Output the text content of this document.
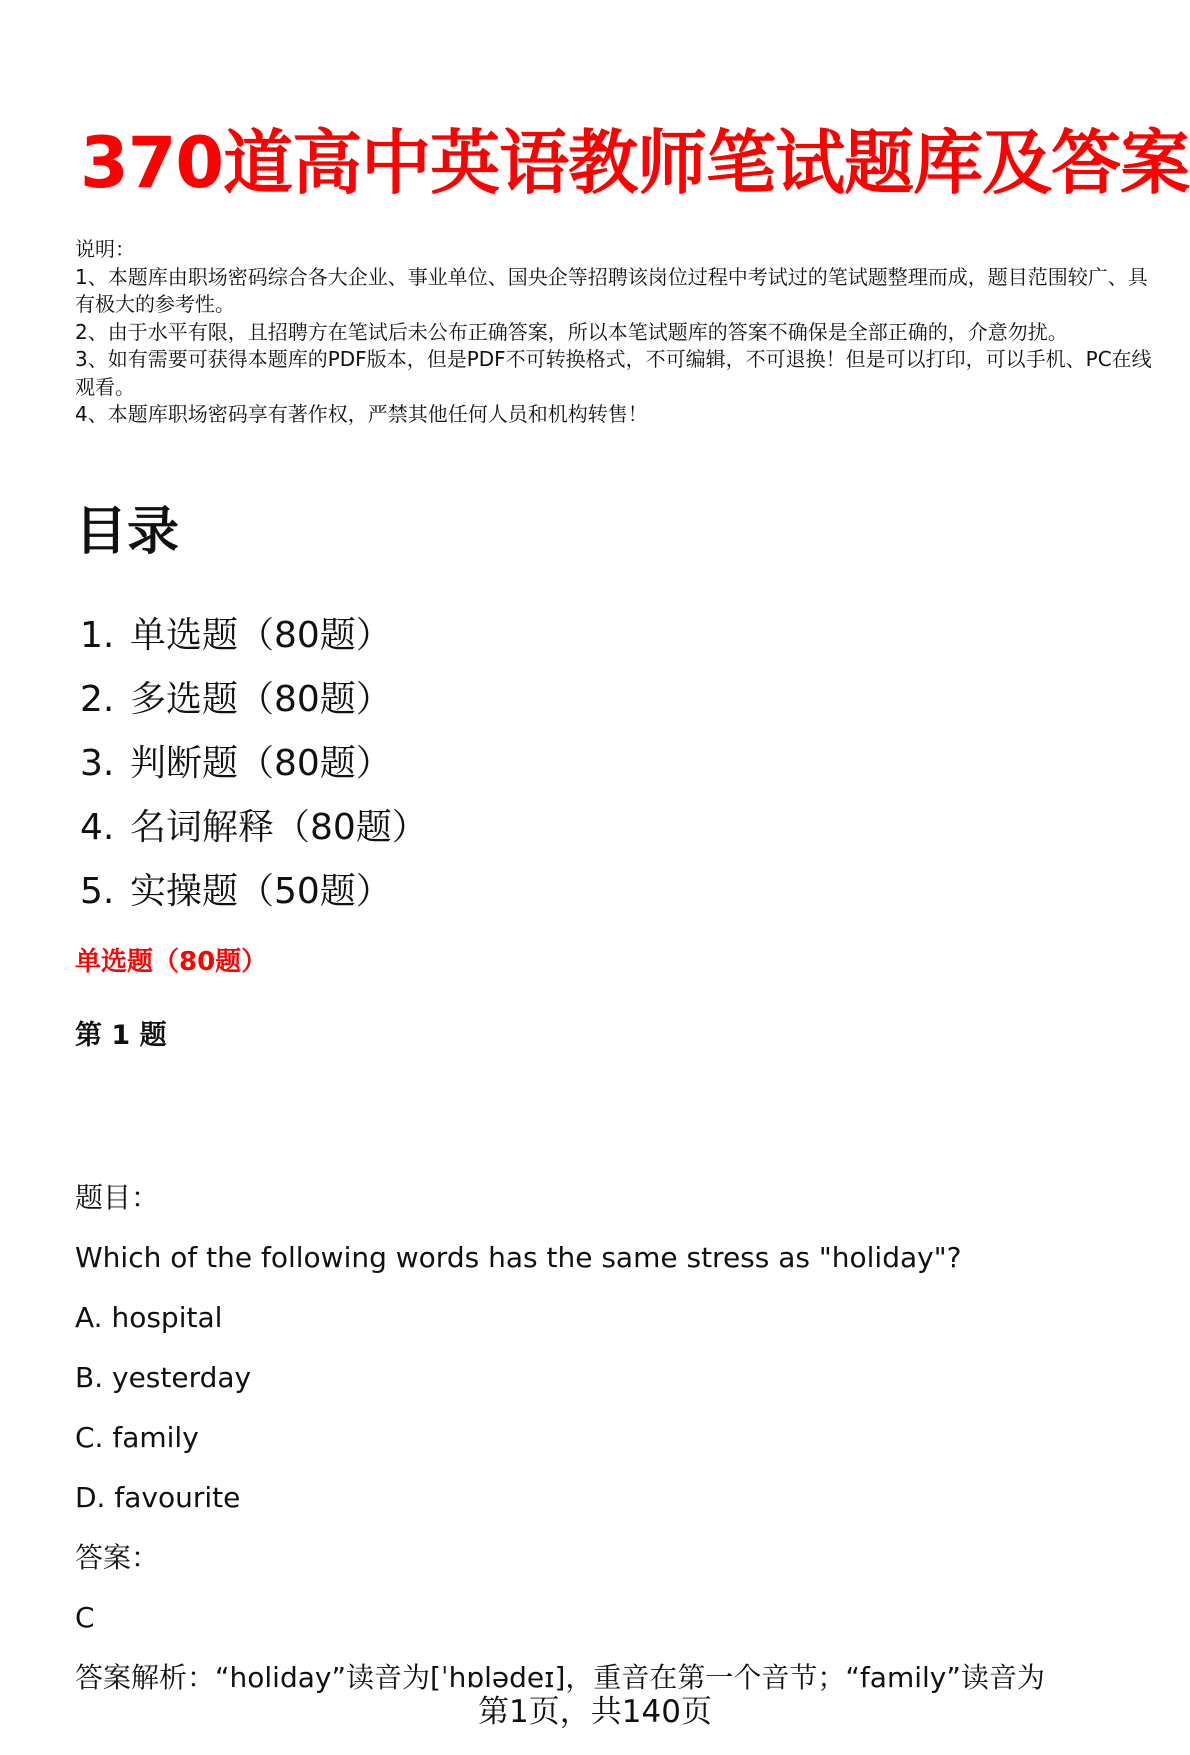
370道高中英语教师笔试题库及答案
说明：
1、本题库由职场密码综合各大企业、事业单位、国央企等招聘该岗位过程中考试过的笔试题整理而成，题目范围较广、具有极大的参考性。
2、由于水平有限，且招聘方在笔试后未公布正确答案，所以本笔试题库的答案不确保是全部正确的，介意勿扰。
3、如有需要可获得本题库的PDF版本，但是PDF不可转换格式，不可编辑，不可退换！但是可以打印，可以手机、PC在线观看。
4、本题库职场密码享有著作权，严禁其他任何人员和机构转售！
目录
1. 单选题（80题）
2. 多选题（80题）
3. 判断题（80题）
4. 名词解释（80题）
5. 实操题（50题）
单选题（80题）
第 1 题
题目：
Which of the following words has the same stress as "holiday"?
A. hospital
B. yesterday
C. family
D. favourite
答案：
C
答案解析：“holiday”读音为[ˈhɒlədeɪ]，重音在第一个音节；“family”读音为
第1页，共140页
